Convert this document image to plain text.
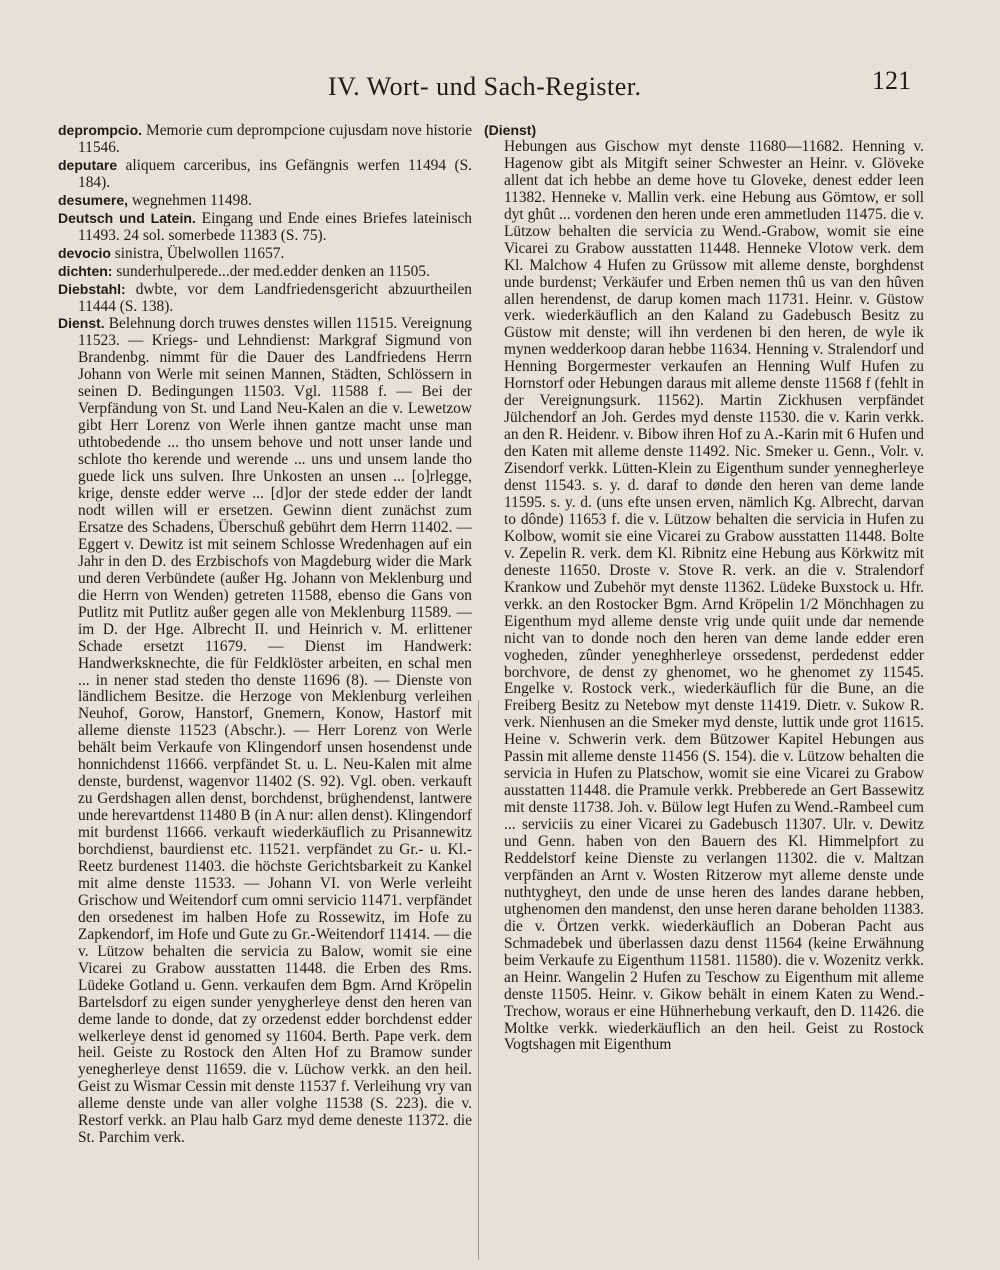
IV. Wort- und Sach-Register.	121

deprompcio. Memorie cum deprompcione cujusdam nove historie 11546.

deputare aliquem carceribus, ins Gefängnis werfen 11494 (S. 184).

desumere, wegnehmen 11498.

Deutsch und Latein. Eingang und Ende eines Briefes lateinisch 11493. 24 sol. somerbede 11383 (S. 75).

devocio sinistra, Übelwollen 11657.

dichten: sunderhulperede...der med.edder denken an 11505.

Diebstahl: dwbte, vor dem Landfriedensgericht abzuurtheilen 11444 (S. 138).

Dienst. Belehnung dorch truwes denstes willen 11515. Vereignung 11523. — Kriegs- und Lehndienst: Markgraf Sigmund von Brandenbg. nimmt für die Dauer des Landfriedens Herrn Johann von Werle mit seinen Mannen, Städten, Schlössern in seinen D. Bedingungen 11503. Vgl. 11588 f. — Bei der Verpfändung von St. und Land Neu-Kalen an die v. Lewetzow gibt Herr Lorenz von Werle ihnen gantze macht unse man uthtobedende ... tho unsem behove und nott unser lande und schlote tho kerende und werende ... uns und unsem lande tho guede lick uns sulven. Ihre Unkosten an unsen ... [o]rlegge, krige, denste edder werve ... [d]or der stede edder der landt nodt willen will er ersetzen. Gewinn dient zunächst zum Ersatze des Schadens, Überschuß gebührt dem Herrn 11402. — Eggert v. Dewitz ist mit seinem Schlosse Wredenhagen auf ein Jahr in den D. des Erzbischofs von Magdeburg wider die Mark und deren Verbündete (außer Hg. Johann von Meklenburg und die Herrn von Wenden) getreten 11588, ebenso die Gans von Putlitz mit Putlitz außer gegen alle von Meklenburg 11589. — im D. der Hge. Albrecht II. und Heinrich v. M. erlittener Schade ersetzt 11679. — Dienst im Handwerk: Handwerksknechte, die für Feldklöster arbeiten, en schal men ... in nener stad steden tho denste 11696 (8). — Dienste von ländlichem Besitze. die Herzoge von Meklenburg verleihen Neuhof, Gorow, Hanstorf, Gnemern, Konow, Hastorf mit alleme dienste 11523 (Abschr.). — Herr Lorenz von Werle behält beim Verkaufe von Klingendorf unsen hosendenst unde honnichdenst 11666. verpfändet St. u. L. Neu-Kalen mit alme denste, burdenst, wagenvor 11402 (S. 92). Vgl. oben. verkauft zu Gerdshagen allen denst, borchdenst, brüghendenst, lantwere unde herevartdenst 11480 B (in A nur: allen denst). Klingendorf mit burdenst 11666. verkauft wiederkäuflich zu Prisannewitz borchdienst, baurdienst etc. 11521. verpfändet zu Gr.- u. Kl.-Reetz burdenest 11403. die höchste Gerichtsbarkeit zu Kankel mit alme denste 11533. — Johann VI. von Werle verleiht Grischow und Weitendorf cum omni servicio 11471. verpfändet den orsedenest im halben Hofe zu Rossewitz, im Hofe zu Zapkendorf, im Hofe und Gute zu Gr.-Weitendorf 11414. — die v. Lützow behalten die servicia zu Balow, womit sie eine Vicarei zu Grabow ausstatten 11448. die Erben des Rms. Lüdeke Gotland u. Genn. verkaufen dem Bgm. Arnd Kröpelin Bartelsdorf zu eigen sunder yenygherleye denst den heren van deme lande to donde, dat zy orzedenst edder borchdenst edder welkerleye denst id genomed sy 11604. Berth. Pape verk. dem heil. Geiste zu Rostock den Alten Hof zu Bramow sunder yenegherleye denst 11659. die v. Lüchow verkk. an den heil. Geist zu Wismar Cessin mit denste 11537 f. Verleihung vry van alleme denste unde van aller volghe 11538 (S. 223). die v. Restorf verkk. an Plau halb Garz myd deme deneste 11372. die St. Parchim verk.

(Dienst)

Hebungen aus Gischow myt denste 11680—11682. Henning v. Hagenow gibt als Mitgift seiner Schwester an Heinr. v. Glöveke allent dat ich hebbe an deme hove tu Gloveke, denest edder leen 11382. Henneke v. Mallin verk. eine Hebung aus Gömtow, er soll dyt ghût ... vordenen den heren unde eren ammetluden 11475. die v. Lützow behalten die servicia zu Wend.-Grabow, womit sie eine Vicarei zu Grabow ausstatten 11448. Henneke Vlotow verk. dem Kl. Malchow 4 Hufen zu Grüssow mit alleme denste, borghdenst unde burdenst; Verkäufer und Erben nemen thû us van den hûven allen herendenst, de darup komen mach 11731. Heinr. v. Güstow verk. wiederkäuflich an den Kaland zu Gadebusch Besitz zu Güstow mit denste; will ihn verdenen bi den heren, de wyle ik mynen wedderkoop daran hebbe 11634. Henning v. Stralendorf und Henning Borgermester verkaufen an Henning Wulf Hufen zu Hornstorf oder Hebungen daraus mit alleme denste 11568 f (fehlt in der Vereignungsurk. 11562). Martin Zickhusen verpfändet Jülchendorf an Joh. Gerdes myd denste 11530. die v. Karin verkk. an den R. Heidenr. v. Bibow ihren Hof zu A.-Karin mit 6 Hufen und den Katen mit alleme denste 11492. Nic. Smeker u. Genn., Volr. v. Zisendorf verkk. Lütten-Klein zu Eigenthum sunder yennegherleye denst 11543. s. y. d. daraf to dønde den heren van deme lande 11595. s. y. d. (uns efte unsen erven, nämlich Kg. Albrecht, darvan to dônde) 11653 f. die v. Lützow behalten die servicia in Hufen zu Kolbow, womit sie eine Vicarei zu Grabow ausstatten 11448. Bolte v. Zepelin R. verk. dem Kl. Ribnitz eine Hebung aus Körkwitz mit deneste 11650. Droste v. Stove R. verk. an die v. Stralendorf Krankow und Zubehör myt denste 11362. Lüdeke Buxstock u. Hfr. verkk. an den Rostocker Bgm. Arnd Kröpelin 1/2 Mönchhagen zu Eigenthum myd alleme denste vrig unde quiit unde dar nemende nicht van to donde noch den heren van deme lande edder eren vogheden, zûnder yeneghherleye orssedenst, perdedenst edder borchvore, de denst zy ghenomet, wo he ghenomet zy 11545. Engelke v. Rostock verk., wiederkäuflich für die Bune, an die Freiberg Besitz zu Netebow myt denste 11419. Dietr. v. Sukow R. verk. Nienhusen an die Smeker myd denste, luttik unde grot 11615. Heine v. Schwerin verk. dem Bützower Kapitel Hebungen aus Passin mit alleme denste 11456 (S. 154). die v. Lützow behalten die servicia in Hufen zu Platschow, womit sie eine Vicarei zu Grabow ausstatten 11448. die Pramule verkk. Prebberede an Gert Bassewitz mit denste 11738. Joh. v. Bülow legt Hufen zu Wend.-Rambeel cum ... serviciis zu einer Vicarei zu Gadebusch 11307. Ulr. v. Dewitz und Genn. haben von den Bauern des Kl. Himmelpfort zu Reddelstorf keine Dienste zu verlangen 11302. die v. Maltzan verpfänden an Arnt v. Wosten Ritzerow myt alleme denste unde nuthtygheyt, den unde de unse heren des landes darane hebben, utghenomen den mandenst, den unse heren darane beholden 11383. die v. Örtzen verkk. wiederkäuflich an Doberan Pacht aus Schmadebek und überlassen dazu denst 11564 (keine Erwähnung beim Verkaufe zu Eigenthum 11581. 11580). die v. Wozenitz verkk. an Heinr. Wangelin 2 Hufen zu Teschow zu Eigenthum mit alleme denste 11505. Heinr. v. Gikow behält in einem Katen zu Wend.-Trechow, woraus er eine Hühnerhebung verkauft, den D. 11426. die Moltke verkk. wiederkäuflich an den heil. Geist zu Rostock Vogtshagen mit Eigenthum
